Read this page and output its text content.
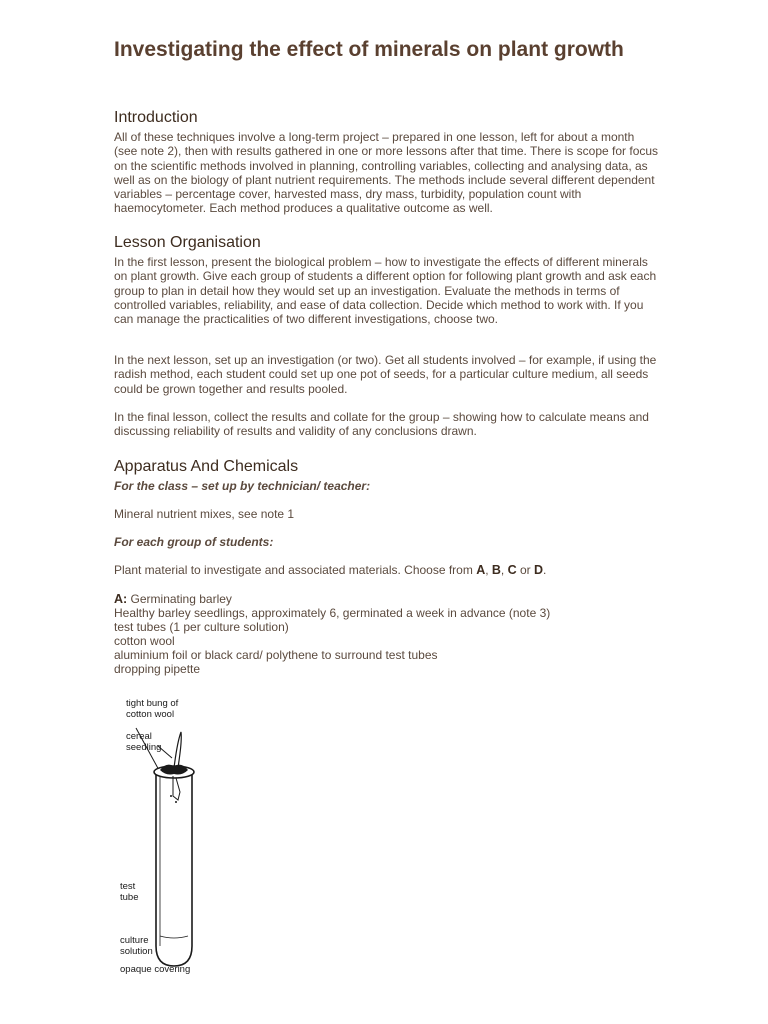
Investigating the effect of minerals on plant growth
Introduction

All of these techniques involve a long-term project – prepared in one lesson, left for about a month (see note 2), then with results gathered in one or more lessons after that time. There is scope for focus on the scientific methods involved in planning, controlling variables, collecting and analysing data, as well as on the biology of plant nutrient requirements. The methods include several different dependent variables – percentage cover, harvested mass, dry mass, turbidity, population count with haemocytometer. Each method produces a qualitative outcome as well.

Lesson Organisation

In the first lesson, present the biological problem – how to investigate the effects of different minerals on plant growth. Give each group of students a different option for following plant growth and ask each group to plan in detail how they would set up an investigation. Evaluate the methods in terms of controlled variables, reliability, and ease of data collection. Decide which method to work with. If you can manage the practicalities of two different investigations, choose two.

In the next lesson, set up an investigation (or two). Get all students involved – for example, if using the radish method, each student could set up one pot of seeds, for a particular culture medium, all seeds could be grown together and results pooled.

In the final lesson, collect the results and collate for the group – showing how to calculate means and discussing reliability of results and validity of any conclusions drawn.

Apparatus And Chemicals
For the class – set up by technician/ teacher:
Mineral nutrient mixes, see note 1
For each group of students:
Plant material to investigate and associated materials. Choose from A, B, C or D.
A: Germinating barley
Healthy barley seedlings, approximately 6, germinated a week in advance (note 3)
test tubes (1 per culture solution)
cotton wool
aluminium foil or black card/ polythene to surround test tubes
dropping pipette
tight bung of
cotton wool
cereal
seedling
test
tube
culture
solution
opaque covering
